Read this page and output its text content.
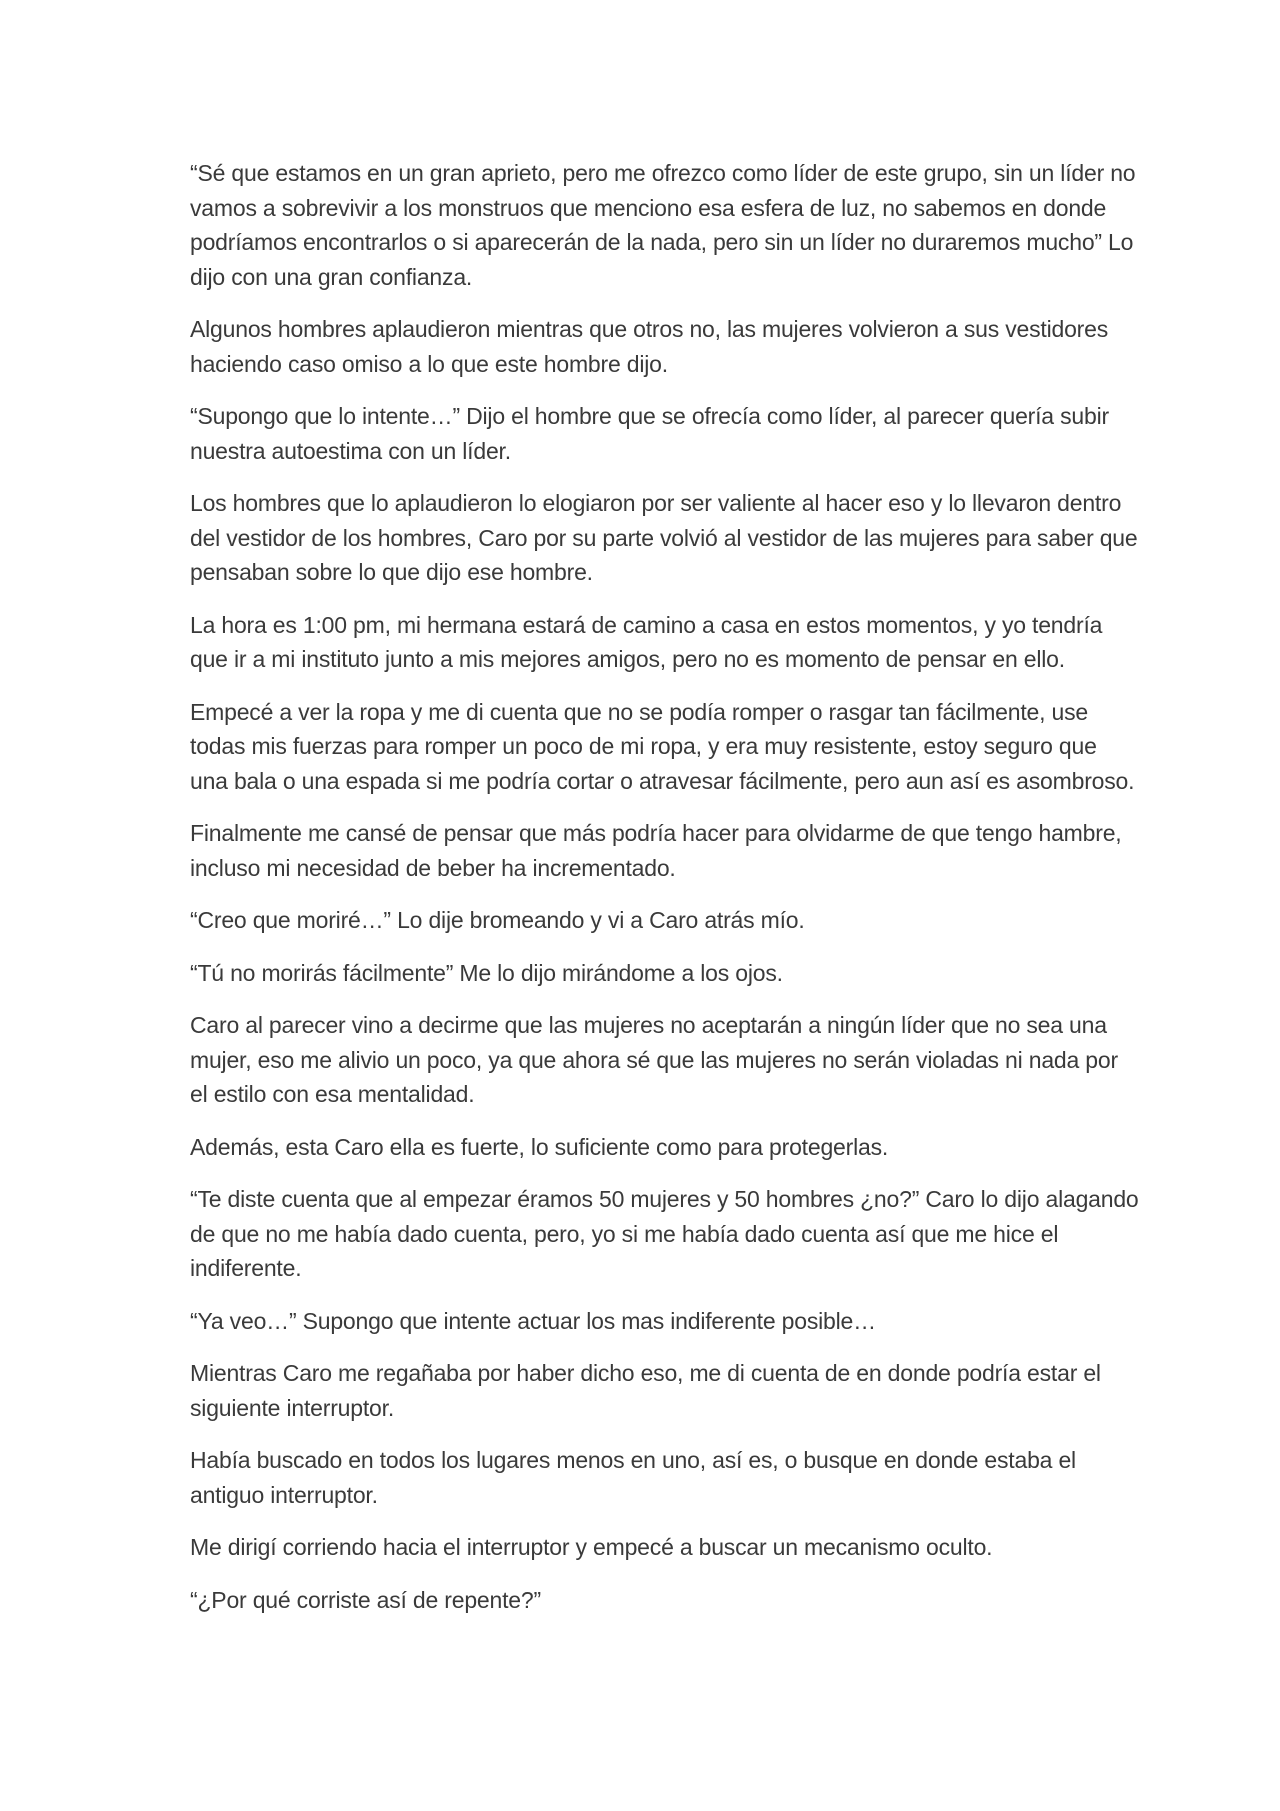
“Sé que estamos en un gran aprieto, pero me ofrezco como líder de este grupo, sin un líder no vamos a sobrevivir a los monstruos que menciono esa esfera de luz, no sabemos en donde podríamos encontrarlos o si aparecerán de la nada, pero sin un líder no duraremos mucho” Lo dijo con una gran confianza.

Algunos hombres aplaudieron mientras que otros no, las mujeres volvieron a sus vestidores haciendo caso omiso a lo que este hombre dijo.

“Supongo que lo intente…” Dijo el hombre que se ofrecía como líder, al parecer quería subir nuestra autoestima con un líder.

Los hombres que lo aplaudieron lo elogiaron por ser valiente al hacer eso y lo llevaron dentro del vestidor de los hombres, Caro por su parte volvió al vestidor de las mujeres para saber que pensaban sobre lo que dijo ese hombre.

La hora es 1:00 pm, mi hermana estará de camino a casa en estos momentos, y yo tendría que ir a mi instituto junto a mis mejores amigos, pero no es momento de pensar en ello.

Empecé a ver la ropa y me di cuenta que no se podía romper o rasgar tan fácilmente, use todas mis fuerzas para romper un poco de mi ropa, y era muy resistente, estoy seguro que una bala o una espada si me podría cortar o atravesar fácilmente, pero aun así es asombroso.

Finalmente me cansé de pensar que más podría hacer para olvidarme de que tengo hambre, incluso mi necesidad de beber ha incrementado.

“Creo que moriré…” Lo dije bromeando y vi a Caro atrás mío.

“Tú no morirás fácilmente” Me lo dijo mirándome a los ojos.

Caro al parecer vino a decirme que las mujeres no aceptarán a ningún líder que no sea una mujer, eso me alivio un poco, ya que ahora sé que las mujeres no serán violadas ni nada por el estilo con esa mentalidad.

Además, esta Caro ella es fuerte, lo suficiente como para protegerlas.

“Te diste cuenta que al empezar éramos 50 mujeres y 50 hombres ¿no?” Caro lo dijo alagando de que no me había dado cuenta, pero, yo si me había dado cuenta así que me hice el indiferente.

“Ya veo…” Supongo que intente actuar los mas indiferente posible…

Mientras Caro me regañaba por haber dicho eso, me di cuenta de en donde podría estar el siguiente interruptor.

Había buscado en todos los lugares menos en uno, así es, o busque en donde estaba el antiguo interruptor.

Me dirigí corriendo hacia el interruptor y empecé a buscar un mecanismo oculto.

“¿Por qué corriste así de repente?”
